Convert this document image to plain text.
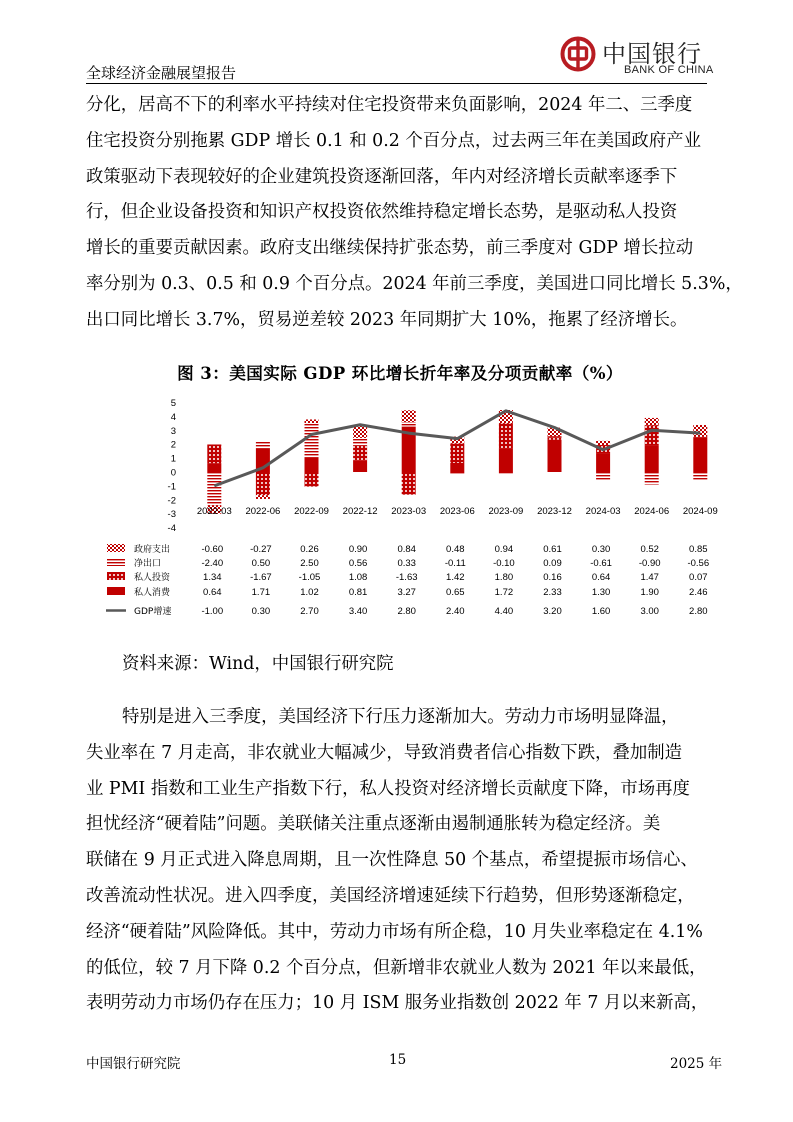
全球经济金融展望报告
中国银行
BANK OF CHINA
分化，居高不下的利率水平持续对住宅投资带来负面影响，2024 年二、三季度
住宅投资分别拖累 GDP 增长 0.1 和 0.2 个百分点，过去两三年在美国政府产业
政策驱动下表现较好的企业建筑投资逐渐回落，年内对经济增长贡献率逐季下
行，但企业设备投资和知识产权投资依然维持稳定增长态势，是驱动私人投资
增长的重要贡献因素。政府支出继续保持扩张态势，前三季度对 GDP 增长拉动
率分别为 0.3、0.5 和 0.9 个百分点。2024 年前三季度，美国进口同比增长 5.3%，
出口同比增长 3.7%，贸易逆差较 2023 年同期扩大 10%，拖累了经济增长。
图 3：美国实际 GDP 环比增长折年率及分项贡献率（%）
-4
-3
-2
-1
0
1
2
3
4
5
2022-03 2022-06 2022-09 2022-12 2023-03 2023-06 2023-09 2023-12 2024-03 2024-06 2024-09
政府支出	-0.60	-0.27	0.26	0.90	0.84	0.48	0.94	0.61	0.30	0.52	0.85
净出口	-2.40	0.50	2.50	0.56	0.33	-0.11	-0.10	0.09	-0.61	-0.90	-0.56
私人投资	1.34	-1.67	-1.05	1.08	-1.63	1.42	1.80	0.16	0.64	1.47	0.07
私人消费	0.64	1.71	1.02	0.81	3.27	0.65	1.72	2.33	1.30	1.90	2.46
GDP增速	-1.00	0.30	2.70	3.40	2.80	2.40	4.40	3.20	1.60	3.00	2.80
资料来源：Wind，中国银行研究院
特别是进入三季度，美国经济下行压力逐渐加大。劳动力市场明显降温，
失业率在 7 月走高，非农就业大幅减少，导致消费者信心指数下跌，叠加制造
业 PMI 指数和工业生产指数下行，私人投资对经济增长贡献度下降，市场再度
担忧经济“硬着陆”问题。美联储关注重点逐渐由遏制通胀转为稳定经济。美
联储在 9 月正式进入降息周期，且一次性降息 50 个基点，希望提振市场信心、
改善流动性状况。进入四季度，美国经济增速延续下行趋势，但形势逐渐稳定，
经济“硬着陆”风险降低。其中，劳动力市场有所企稳，10 月失业率稳定在 4.1%
的低位，较 7 月下降 0.2 个百分点，但新增非农就业人数为 2021 年以来最低，
表明劳动力市场仍存在压力；10 月 ISM 服务业指数创 2022 年 7 月以来新高，
中国银行研究院	15	2025 年
